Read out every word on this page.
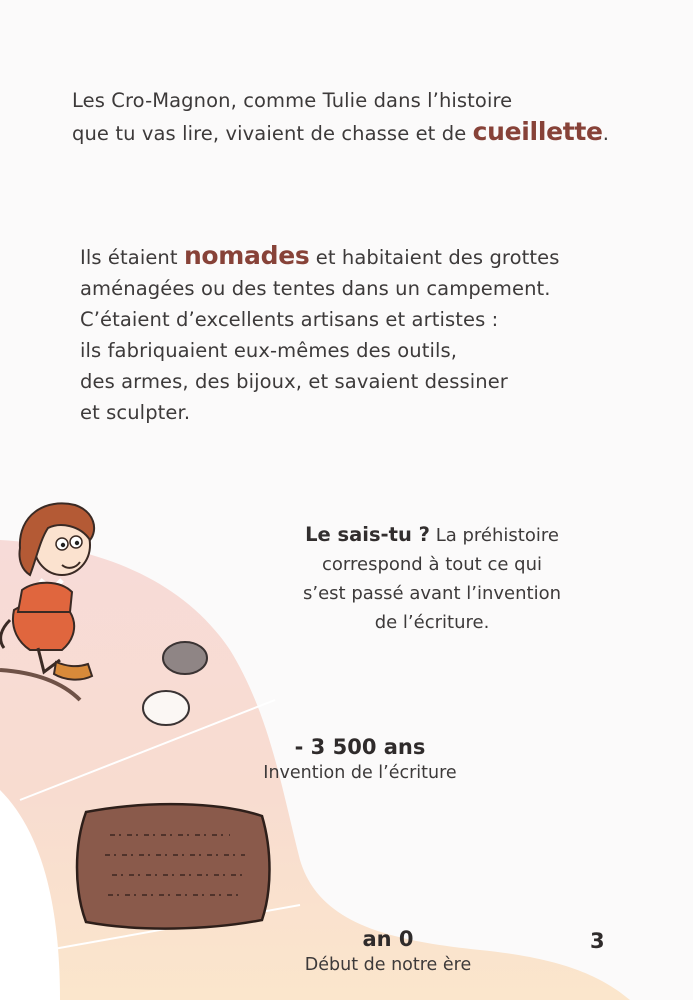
Les Cro-Magnon, comme Tulie dans l’histoire
que tu vas lire, vivaient de chasse et de cueillette.
Ils étaient nomades et habitaient des grottes
aménagées ou des tentes dans un campement.
C’étaient d’excellents artisans et artistes :
ils fabriquaient eux-mêmes des outils,
des armes, des bijoux, et savaient dessiner
et sculpter.
Le sais-tu ? La préhistoire
correspond à tout ce qui
s’est passé avant l’invention
de l’écriture.
- 3 500 ans
Invention de l’écriture
an 0
Début de notre ère
3
